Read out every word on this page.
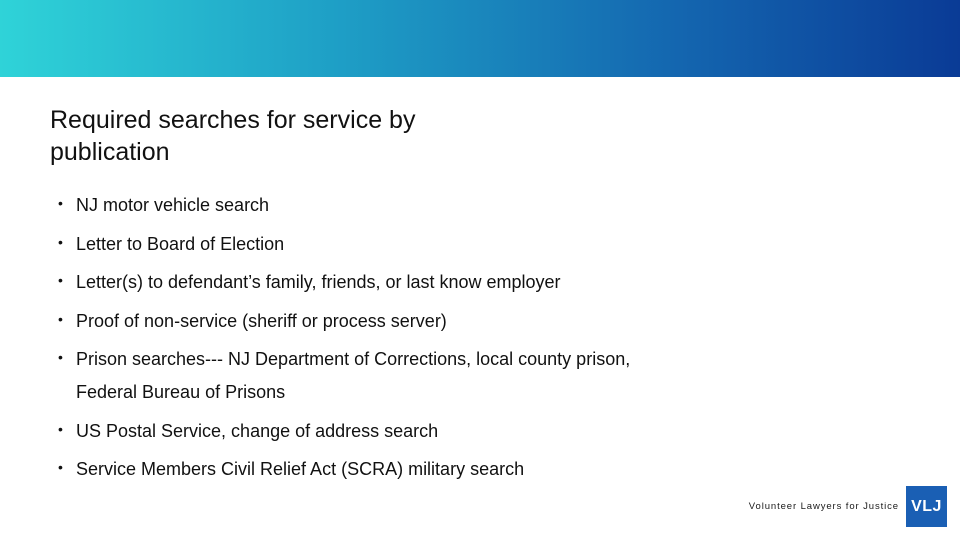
Required searches for service by publication
• NJ motor vehicle search
• Letter to Board of Election
• Letter(s) to defendant’s family, friends, or last know employer
• Proof of non-service (sheriff or process server)
• Prison searches--- NJ Department of Corrections, local county prison, Federal Bureau of Prisons
• US Postal Service, change of address search
• Service Members Civil Relief Act (SCRA) military search
Volunteer Lawyers for Justice VLJ
